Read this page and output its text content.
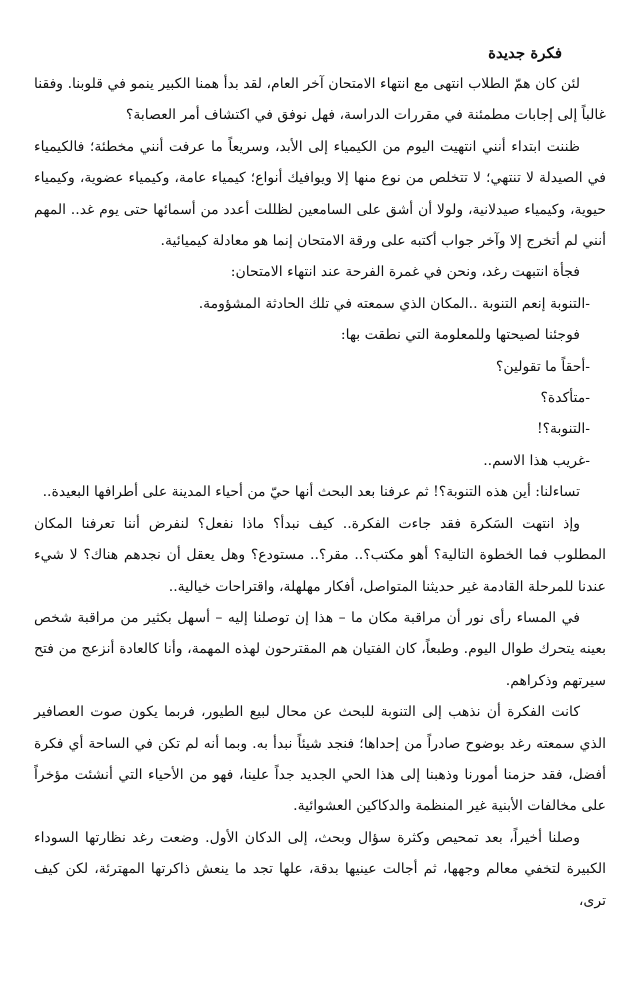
فكرة جديدة

لئن كان همّ الطلاب انتهى مع انتهاء الامتحان آخر العام، لقد بدأ همنا الكبير ينمو في قلوبنا. وفقنا غالباً إلى إجابات مطمئنة في مقررات الدراسة، فهل نوفق في اكتشاف أمر العصابة؟

ظننت ابتداء أنني انتهيت اليوم من الكيمياء إلى الأبد، وسريعاً ما عرفت أنني مخطئة؛ فالكيمياء في الصيدلة لا تنتهي؛ لا تتخلص من نوع منها إلا ويوافيك أنواع؛ كيمياء عامة، وكيمياء عضوية، وكيمياء حيوية، وكيمياء صيدلانية، ولولا أن أشق على السامعين لظللت أعدد من أسمائها حتى يوم غد.. المهم أنني لم أتخرج إلا وآخر جواب أكتبه على ورقة الامتحان إنما هو معادلة كيميائية.

فجأة انتبهت رغد، ونحن في غمرة الفرحة عند انتهاء الامتحان:

-التنوبة إنعم التنوبة ..المكان الذي سمعته في تلك الحادثة المشؤومة.

فوجئنا لصيحتها وللمعلومة التي نطقت بها:

-أحقاً ما تقولين؟

-متأكدة؟

-التنوبة؟!

-غريب هذا الاسم..

تساءلنا: أين هذه التنوبة؟! ثم عرفنا بعد البحث أنها حيّ من أحياء المدينة على أطرافها البعيدة..

وإذ انتهت السَكرة فقد جاءت الفكرة.. كيف نبدأ؟ ماذا نفعل؟ لنفرض أننا تعرفنا المكان المطلوب فما الخطوة التالية؟ أهو مكتب؟.. مقر؟.. مستودع؟ وهل يعقل أن نجدهم هناك؟ لا شيء عندنا للمرحلة القادمة غير حديثنا المتواصل، أفكار مهلهلة، واقتراحات خيالية..

في المساء رأى نور أن مراقبة مكان ما – هذا إن توصلنا إليه – أسهل بكثير من مراقبة شخص بعينه يتحرك طوال اليوم. وطبعاً، كان الفتيان هم المقترحون لهذه المهمة، وأنا كالعادة أنزعج من فتح سيرتهم وذكراهم.

كانت الفكرة أن نذهب إلى التنوبة للبحث عن محال لبيع الطيور، فربما يكون صوت العصافير الذي سمعته رغد بوضوح صادراً من إحداها؛ فنجد شيئاً نبدأ به. وبما أنه لم تكن في الساحة أي فكرة أفضل، فقد حزمنا أمورنا وذهبنا إلى هذا الحي الجديد جداً علينا، فهو من الأحياء التي أنشئت مؤخراً على مخالفات الأبنية غير المنظمة والدكاكين العشوائية.

وصلنا أخيراً، بعد تمحيص وكثرة سؤال وبحث، إلى الدكان الأول. وضعت رغد نظارتها السوداء الكبيرة لتخفي معالم وجهها، ثم أجالت عينيها بدقة، علها تجد ما ينعش ذاكرتها المهترئة، لكن كيف ترى،
